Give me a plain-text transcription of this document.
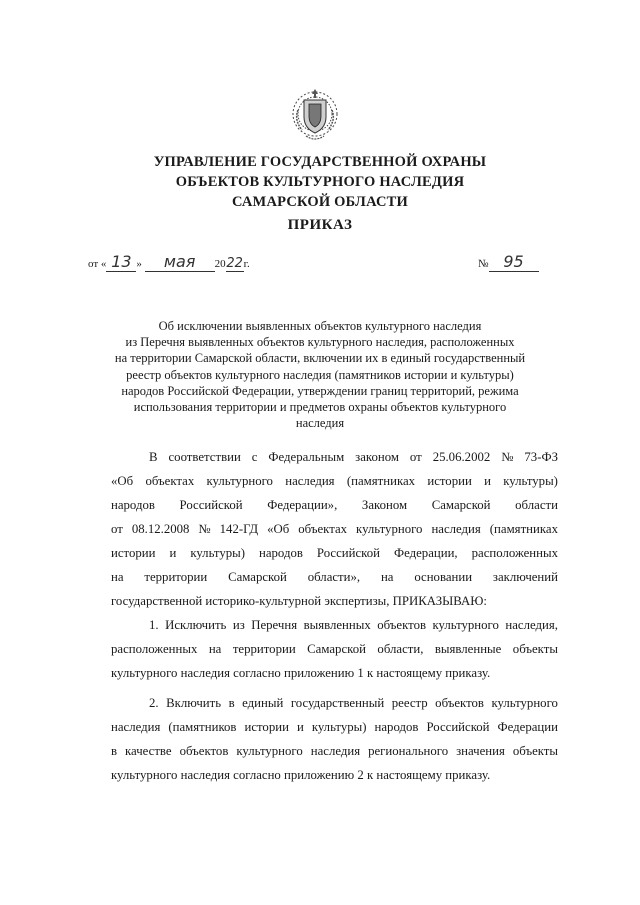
УПРАВЛЕНИЕ ГОСУДАРСТВЕННОЙ ОХРАНЫ
ОБЪЕКТОВ КУЛЬТУРНОГО НАСЛЕДИЯ
САМАРСКОЙ ОБЛАСТИ
ПРИКАЗ
от « 13 » мая 2022г.	№ 95
Об исключении выявленных объектов культурного наследия
из Перечня выявленных объектов культурного наследия, расположенных
на территории Самарской области, включении их в единый государственный
реестр объектов культурного наследия (памятников истории и культуры)
народов Российской Федерации, утверждении границ территорий, режима
использования территории и предметов охраны объектов культурного
наследия
В соответствии с Федеральным законом от 25.06.2002 № 73-ФЗ
«Об объектах культурного наследия (памятниках истории и культуры)
народов Российской Федерации», Законом Самарской области
от 08.12.2008 № 142-ГД «Об объектах культурного наследия (памятниках
истории и культуры) народов Российской Федерации, расположенных
на территории Самарской области», на основании заключений
государственной историко-культурной экспертизы, ПРИКАЗЫВАЮ:
1. Исключить из Перечня выявленных объектов культурного наследия,
расположенных на территории Самарской области, выявленные объекты
культурного наследия согласно приложению 1 к настоящему приказу.
2. Включить в единый государственный реестр объектов культурного
наследия (памятников истории и культуры) народов Российской Федерации
в качестве объектов культурного наследия регионального значения объекты
культурного наследия согласно приложению 2 к настоящему приказу.
